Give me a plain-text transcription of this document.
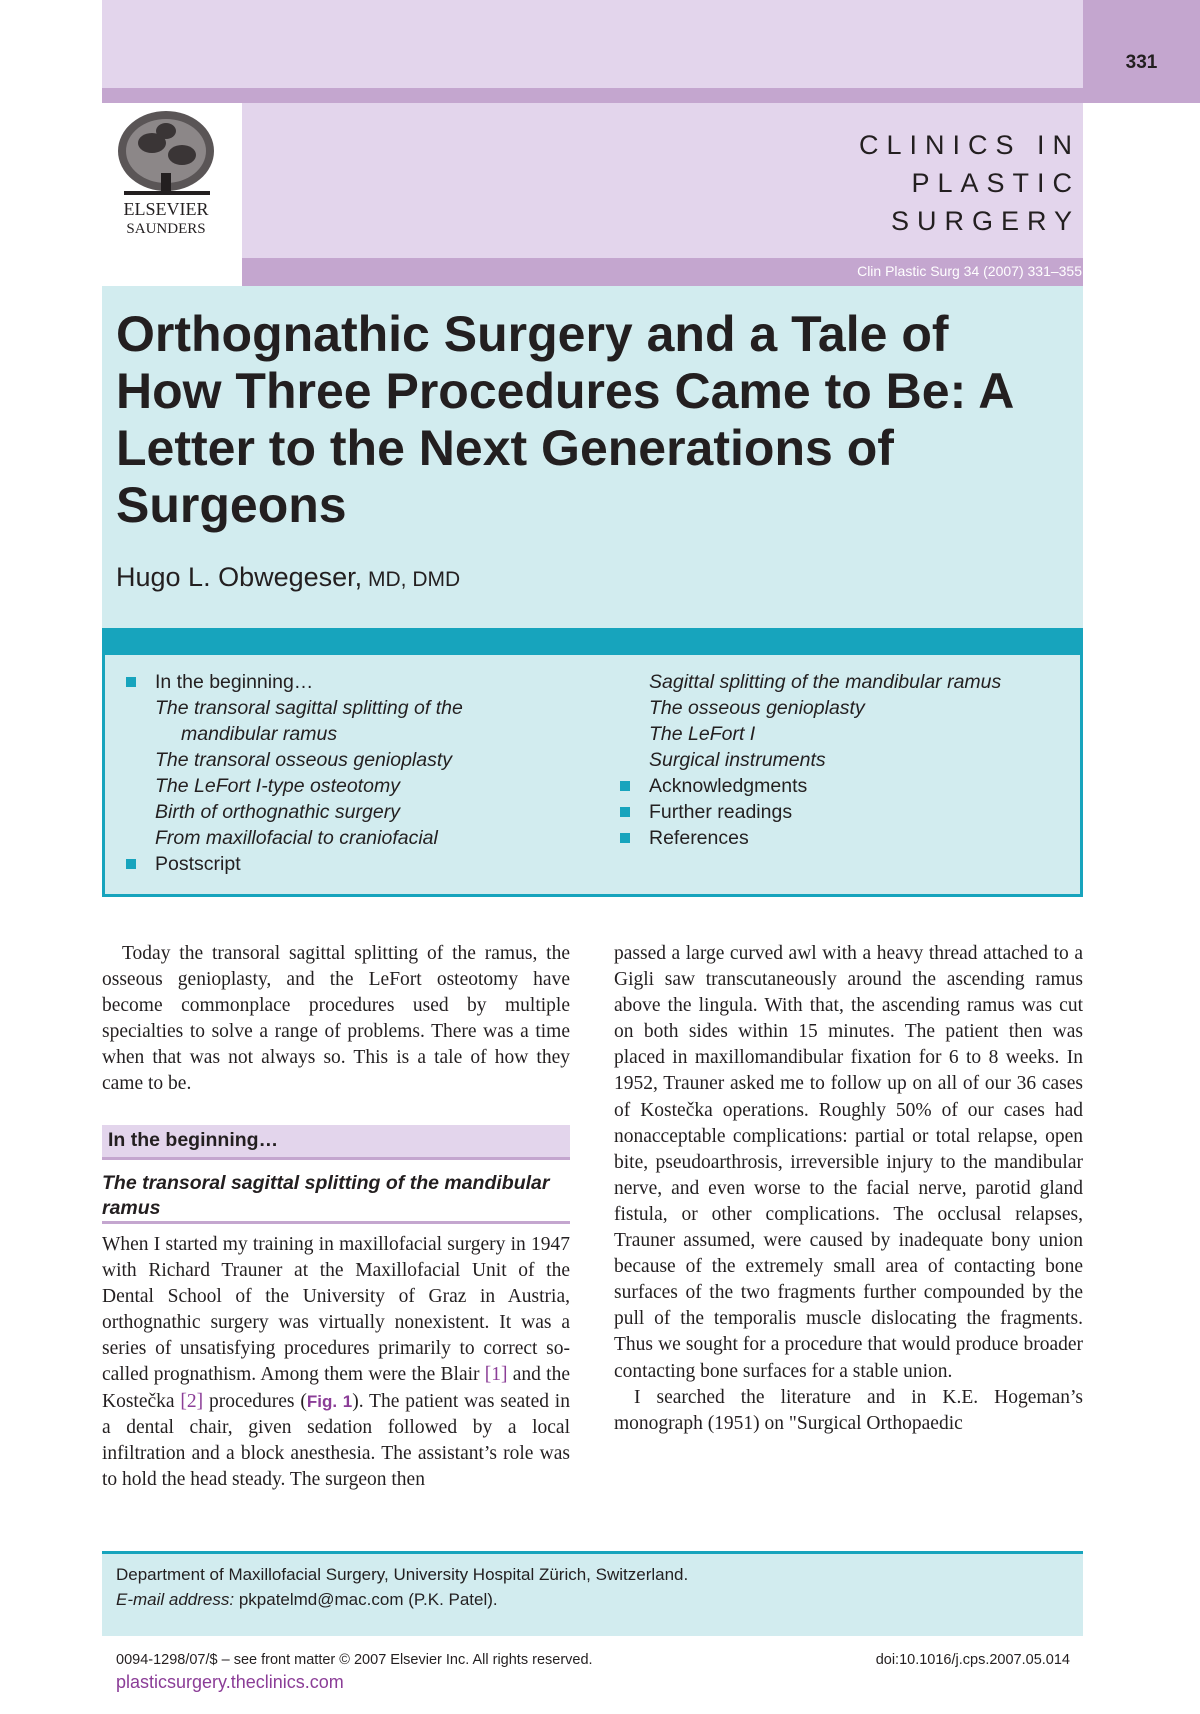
331
ELSEVIER
SAUNDERS
CLINICS IN
PLASTIC
SURGERY
Clin Plastic Surg 34 (2007) 331–355
Orthognathic Surgery and a Tale of How Three Procedures Came to Be: A Letter to the Next Generations of Surgeons
Hugo L. Obwegeser, MD, DMD
In the beginning…
The transoral sagittal splitting of the
mandibular ramus
The transoral osseous genioplasty
The LeFort I-type osteotomy
Birth of orthognathic surgery
From maxillofacial to craniofacial
Postscript
Sagittal splitting of the mandibular ramus
The osseous genioplasty
The LeFort I
Surgical instruments
Acknowledgments
Further readings
References

Today the transoral sagittal splitting of the ramus, the osseous genioplasty, and the LeFort osteotomy have become commonplace procedures used by multiple specialties to solve a range of problems. There was a time when that was not always so. This is a tale of how they came to be.

In the beginning…
The transoral sagittal splitting of the mandibular ramus

When I started my training in maxillofacial surgery in 1947 with Richard Trauner at the Maxillofacial Unit of the Dental School of the University of Graz in Austria, orthognathic surgery was virtually nonexistent. It was a series of unsatisfying procedures primarily to correct so-called prognathism. Among them were the Blair [1] and the Kostečka [2] procedures (Fig. 1). The patient was seated in a dental chair, given sedation followed by a local infiltration and a block anesthesia. The assistant’s role was to hold the head steady. The surgeon then

passed a large curved awl with a heavy thread attached to a Gigli saw transcutaneously around the ascending ramus above the lingula. With that, the ascending ramus was cut on both sides within 15 minutes. The patient then was placed in maxillomandibular fixation for 6 to 8 weeks. In 1952, Trauner asked me to follow up on all of our 36 cases of Kostečka operations. Roughly 50% of our cases had nonacceptable complications: partial or total relapse, open bite, pseudoarthrosis, irreversible injury to the mandibular nerve, and even worse to the facial nerve, parotid gland fistula, or other complications. The occlusal relapses, Trauner assumed, were caused by inadequate bony union because of the extremely small area of contacting bone surfaces of the two fragments further compounded by the pull of the temporalis muscle dislocating the fragments. Thus we sought for a procedure that would produce broader contacting bone surfaces for a stable union.

I searched the literature and in K.E. Hogeman’s monograph (1951) on "Surgical Orthopaedic

Department of Maxillofacial Surgery, University Hospital Zürich, Switzerland.
E-mail address: pkpatelmd@mac.com (P.K. Patel).
0094-1298/07/$ – see front matter © 2007 Elsevier Inc. All rights reserved.	doi:10.1016/j.cps.2007.05.014
plasticsurgery.theclinics.com
